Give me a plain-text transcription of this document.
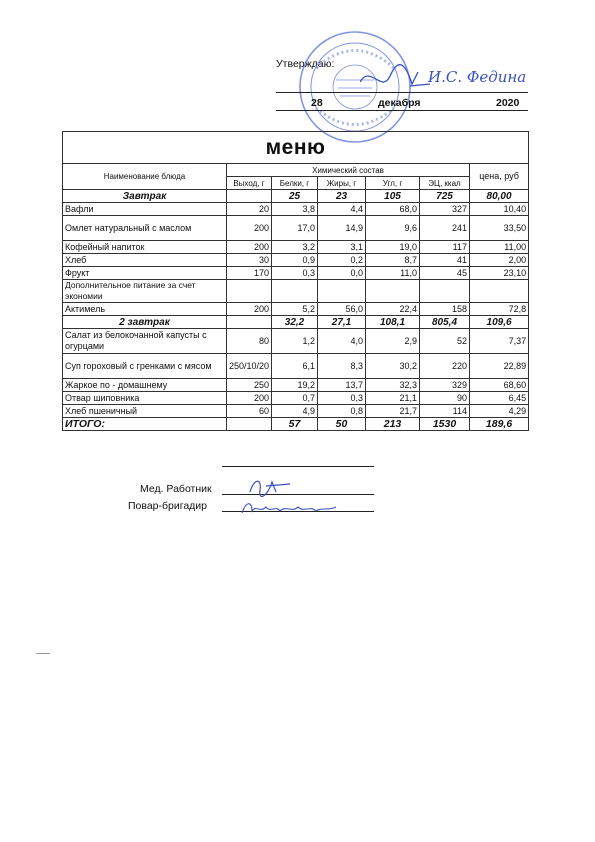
Утверждаю:
И.С. Федина
28	декабря	2020
меню						
Наименование блюда	Химический состав					цена, руб
	Выход, г	Белки, г	Жиры, г	Угл, г	ЭЦ, ккал	
Завтрак		25	23	105	725	80,00
Вафли	20	3,8	4,4	68,0	327	10,40
Омлет натуральный с маслом	200	17,0	14,9	9,6	241	33,50
Кофейный напиток	200	3,2	3,1	19,0	117	11,00
Хлеб	30	0,9	0,2	8,7	41	2,00
Фрукт	170	0,3	0,0	11,0	45	23,10
Дополнительное питание за счет экономии						
Актимель	200	5,2	56,0	22,4	158	72,8
2 завтрак		32,2	27,1	108,1	805,4	109,6
Салат из белокочанной капусты с огурцами	80	1,2	4,0	2,9	52	7,37
Суп гороховый с гренками с мясом	250/10/20	6,1	8,3	30,2	220	22,89
Жаркое по - домашнему	250	19,2	13,7	32,3	329	68,60
Отвар шиповника	200	0,7	0,3	21,1	90	6,45
Хлеб пшеничный	60	4,9	0,8	21,7	114	4,29
ИТОГО:		57	50	213	1530	189,6
Мед. Работник
Повар-бригадир
